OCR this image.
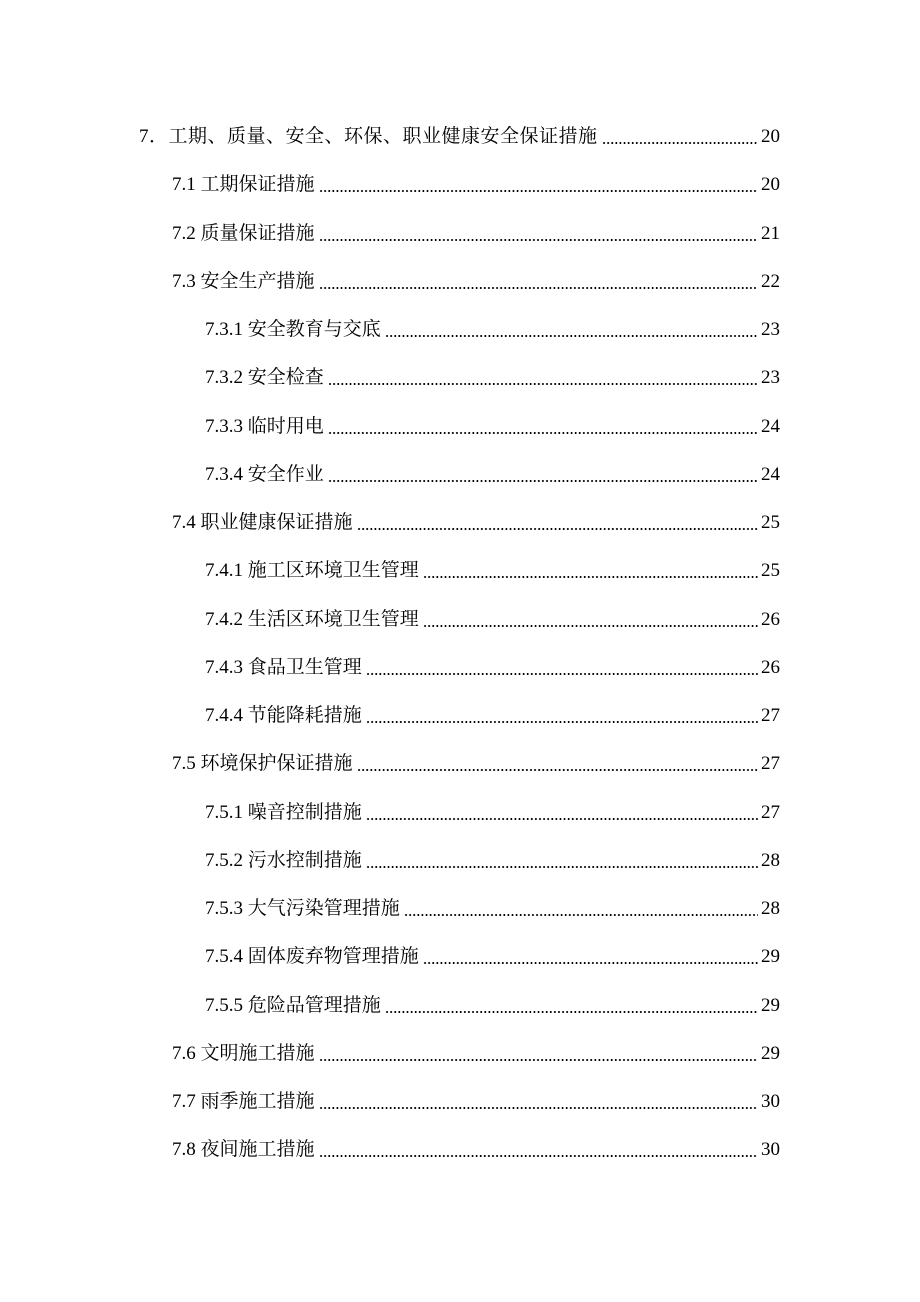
7．工期、质量、安全、环保、职业健康安全保证措施	20
7.1 工期保证措施	20
7.2 质量保证措施	21
7.3 安全生产措施	22
7.3.1 安全教育与交底	23
7.3.2 安全检查	23
7.3.3 临时用电	24
7.3.4 安全作业	24
7.4 职业健康保证措施	25
7.4.1 施工区环境卫生管理	25
7.4.2 生活区环境卫生管理	26
7.4.3 食品卫生管理	26
7.4.4 节能降耗措施	27
7.5 环境保护保证措施	27
7.5.1 噪音控制措施	27
7.5.2 污水控制措施	28
7.5.3 大气污染管理措施	28
7.5.4 固体废弃物管理措施	29
7.5.5 危险品管理措施	29
7.6 文明施工措施	29
7.7 雨季施工措施	30
7.8 夜间施工措施	30
